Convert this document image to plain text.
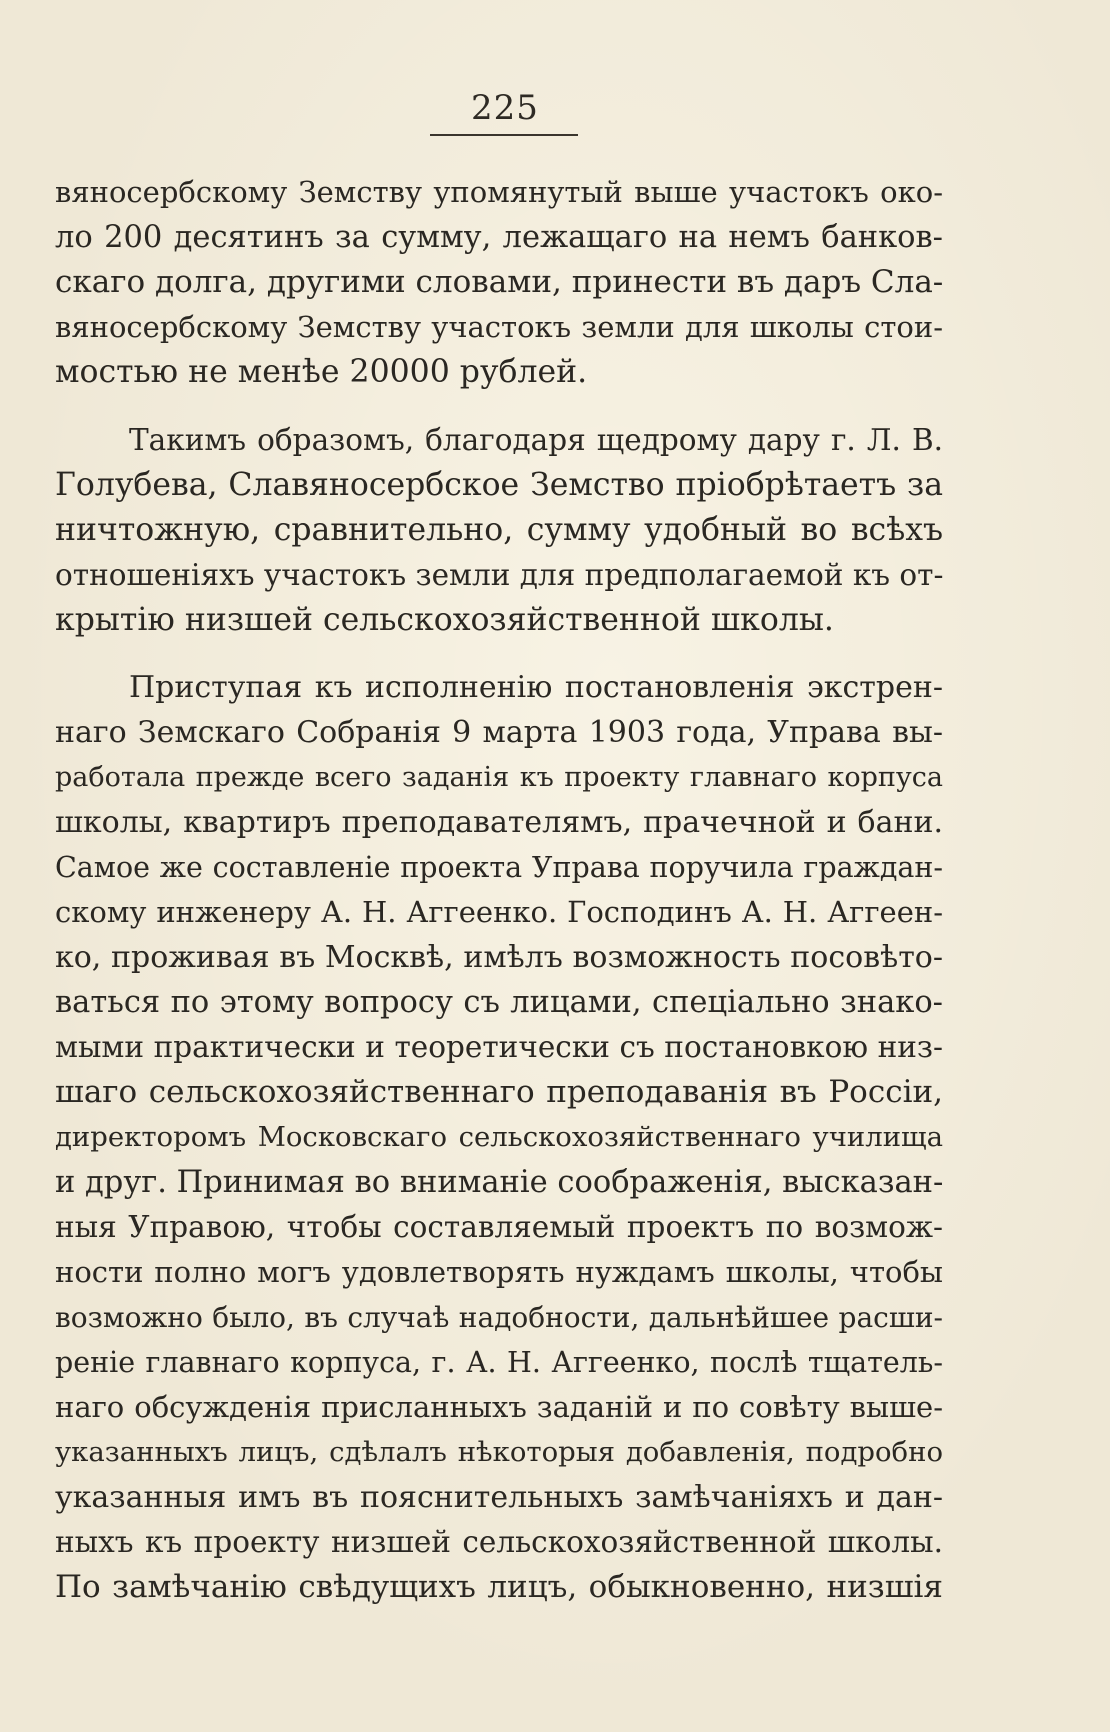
225
вяносербскому Земству упомянутый выше участокъ око-
ло 200 десятинъ за сумму, лежащаго на немъ банков-
скаго долга, другими словами, принести въ даръ Сла-
вяносербскому Земству участокъ земли для школы стои-
мостью не менѣе 20000 рублей.
Такимъ образомъ, благодаря щедрому дару г. Л. В.
Голубева, Славяносербское Земство пріобрѣтаетъ за
ничтожную, сравнительно, сумму удобный во всѣхъ
отношеніяхъ участокъ земли для предполагаемой къ от-
крытію низшей сельскохозяйственной школы.
Приступая къ исполненію постановленія экстрен-
наго Земскаго Собранія 9 марта 1903 года, Управа вы-
работала прежде всего заданія къ проекту главнаго корпуса
школы, квартиръ преподавателямъ, прачечной и бани.
Самое же составленіе проекта Управа поручила граждан-
скому инженеру А. Н. Аггеенко. Господинъ А. Н. Аггеен-
ко, проживая въ Москвѣ, имѣлъ возможность посовѣто-
ваться по этому вопросу съ лицами, спеціально знако-
мыми практически и теоретически съ постановкою низ-
шаго сельскохозяйственнаго преподаванія въ Россіи,
директоромъ Московскаго сельскохозяйственнаго училища
и друг. Принимая во вниманіе соображенія, высказан-
ныя Управою, чтобы составляемый проектъ по возмож-
ности полно могъ удовлетворять нуждамъ школы, чтобы
возможно было, въ случаѣ надобности, дальнѣйшее расши-
реніе главнаго корпуса, г. А. Н. Аггеенко, послѣ тщатель-
наго обсужденія присланныхъ заданій и по совѣту выше-
указанныхъ лицъ, сдѣлалъ нѣкоторыя добавленія, подробно
указанныя имъ въ пояснительныхъ замѣчаніяхъ и дан-
ныхъ къ проекту низшей сельскохозяйственной школы.
По замѣчанію свѣдущихъ лицъ, обыкновенно, низшія
